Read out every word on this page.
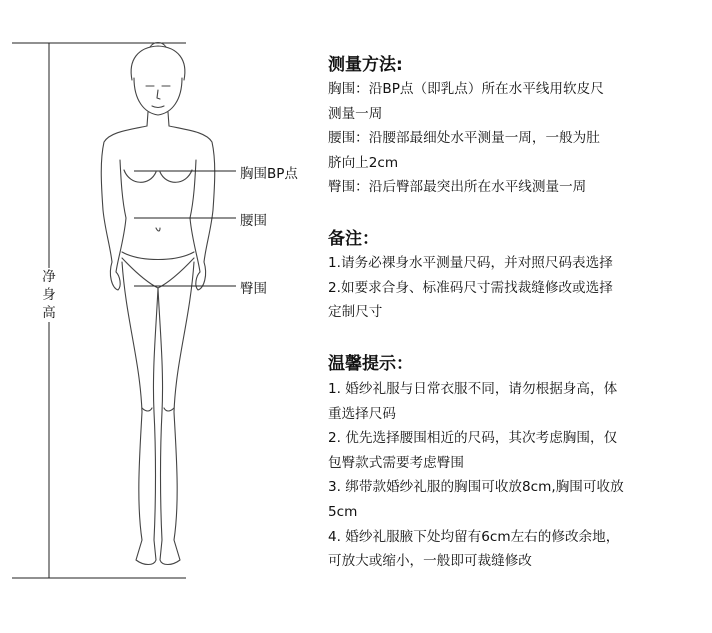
净
身
高
胸围BP点
腰围
臀围
测量方法:
胸围：沿BP点（即乳点）所在水平线用软皮尺
测量一周
腰围：沿腰部最细处水平测量一周，一般为肚
脐向上2cm
臀围：沿后臀部最突出所在水平线测量一周
备注：
1.请务必裸身水平测量尺码，并对照尺码表选择
2.如要求合身、标准码尺寸需找裁缝修改或选择
定制尺寸
温馨提示：
1. 婚纱礼服与日常衣服不同，请勿根据身高，体
重选择尺码
2. 优先选择腰围相近的尺码，其次考虑胸围，仅
包臀款式需要考虑臀围
3. 绑带款婚纱礼服的胸围可收放8cm,胸围可收放
5cm
4. 婚纱礼服腋下处均留有6cm左右的修改余地，
可放大或缩小，一般即可裁缝修改
